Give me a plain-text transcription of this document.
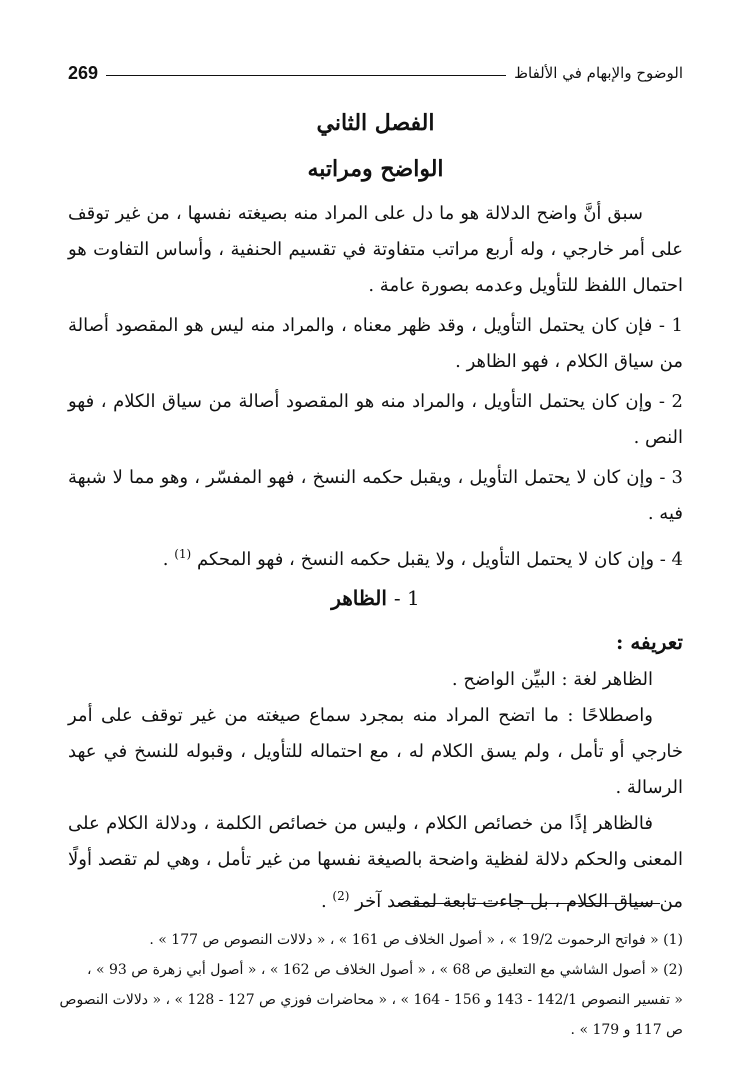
الوضوح والإبهام في الألفاظ
269
الفصل الثاني
الواضح ومراتبه

سبق أنَّ واضح الدلالة هو ما دل على المراد منه بصيغته نفسها ، من غير توقف على أمر خارجي ، وله أربع مراتب متفاوتة في تقسيم الحنفية ، وأساس التفاوت هو احتمال اللفظ للتأويل وعدمه بصورة عامة .

1 - فإن كان يحتمل التأويل ، وقد ظهر معناه ، والمراد منه ليس هو المقصود أصالة من سياق الكلام ، فهو الظاهر .

2 - وإن كان يحتمل التأويل ، والمراد منه هو المقصود أصالة من سياق الكلام ، فهو النص .

3 - وإن كان لا يحتمل التأويل ، ويقبل حكمه النسخ ، فهو المفسّر ، وهو مما لا شبهة فيه .

4 - وإن كان لا يحتمل التأويل ، ولا يقبل حكمه النسخ ، فهو المحكم $^{(1)}$ .

1 - الظاهر
تعريفه :

الظاهر لغة : البيِّن الواضح .

واصطلاحًا : ما اتضح المراد منه بمجرد سماع صيغته من غير توقف على أمر خارجي أو تأمل ، ولم يسق الكلام له ، مع احتماله للتأويل ، وقبوله للنسخ في عهد الرسالة .

فالظاهر إذًا من خصائص الكلام ، وليس من خصائص الكلمة ، ودلالة الكلام على المعنى والحكم دلالة لفظية واضحة بالصيغة نفسها من غير تأمل ، وهي لم تقصد أولًا من سياق الكلام ، بل جاءت تابعة لمقصد آخر $^{(2)}$ .

(1) « فواتح الرحموت 19/2 » ، « أصول الخلاف ص 161 » ، « دلالات النصوص ص 177 » .

(2) « أصول الشاشي مع التعليق ص 68 » ، « أصول الخلاف ص 162 » ، « أصول أبي زهرة ص 93 » ،

« تفسير النصوص 142/1 - 143 و 156 - 164 » ، « محاضرات فوزي ص 127 - 128 » ، « دلالات النصوص

ص 117 و 179 » .
